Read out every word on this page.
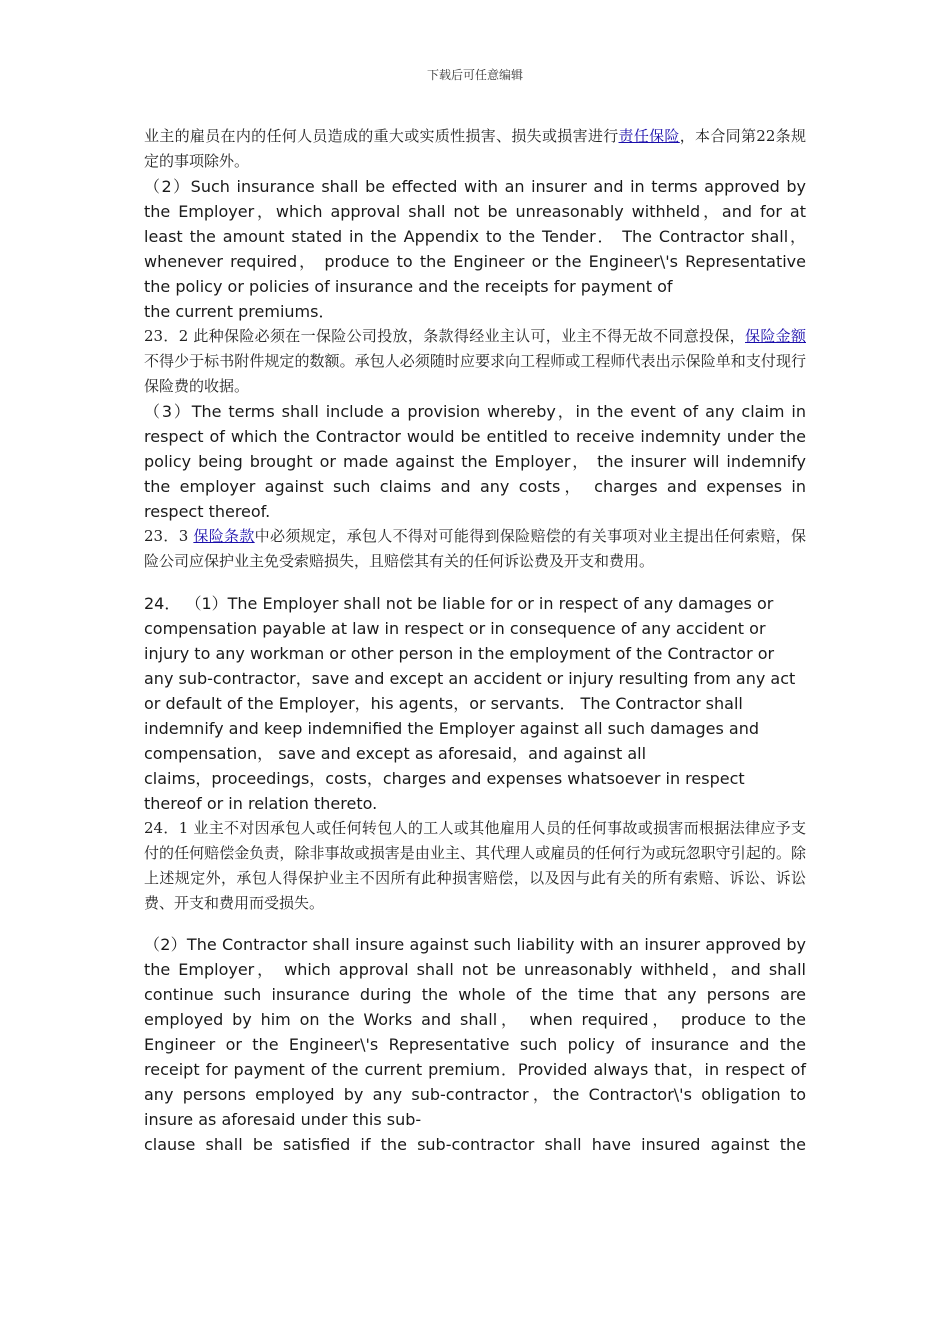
下载后可任意编辑

业主的雇员在内的任何人员造成的重大或实质性损害、损失或损害进行责任保险，本合同第22条规定的事项除外。

（2）Such insurance shall be effected with an insurer and in terms approved by the Employer，which approval shall not be unreasonably withheld，and for at least the amount stated in the Appendix to the Tender． The Contractor shall， whenever required， produce to the Engineer or the Engineer\'s Representative the policy or policies of insurance and the receipts for payment of

the current premiums．

23．2 此种保险必须在一保险公司投放，条款得经业主认可，业主不得无故不同意投保，保险金额不得少于标书附件规定的数额。承包人必须随时应要求向工程师或工程师代表出示保险单和支付现行保险费的收据。

（3）The terms shall include a provision whereby，in the event of any claim in respect of which the Contractor would be entitled to receive indemnity under the policy being brought or made against the Employer， the insurer will indemnify the employer against such claims and any costs， charges and expenses in respect thereof.

23．3 保险条款中必须规定，承包人不得对可能得到保险赔偿的有关事项对业主提出任何索赔，保险公司应保护业主免受索赔损失，且赔偿其有关的任何诉讼费及开支和费用。

24． （1）The Employer shall not be liable for or in respect of any damages or compensation payable at law in respect or in consequence of any accident or injury to any workman or other person in the employment of the Contractor or any sub-contractor，save and except an accident or injury resulting from any act or default of the Employer，his agents，or servants． The Contractor shall indemnify and keep indemnified the Employer against all such damages and compensation， save and except as aforesaid，and against all

claims，proceedings，costs，charges and expenses whatsoever in respect thereof or in relation thereto.

24．1 业主不对因承包人或任何转包人的工人或其他雇用人员的任何事故或损害而根据法律应予支付的任何赔偿金负责，除非事故或损害是由业主、其代理人或雇员的任何行为或玩忽职守引起的。除上述规定外，承包人得保护业主不因所有此种损害赔偿，以及因与此有关的所有索赔、诉讼、诉讼费、开支和费用而受损失。

（2）The Contractor shall insure against such liability with an insurer approved by the Employer， which approval shall not be unreasonably withheld，and shall continue such insurance during the whole of the time that any persons are employed by him on the Works and shall， when required， produce to the Engineer or the Engineer\'s Representative such policy of insurance and the receipt for payment of the current premium．Provided always that，in respect of any persons employed by any sub-contractor，the Contractor\'s obligation to insure as aforesaid under this sub-

clause shall be satisfied if the sub-contractor shall have insured against the
